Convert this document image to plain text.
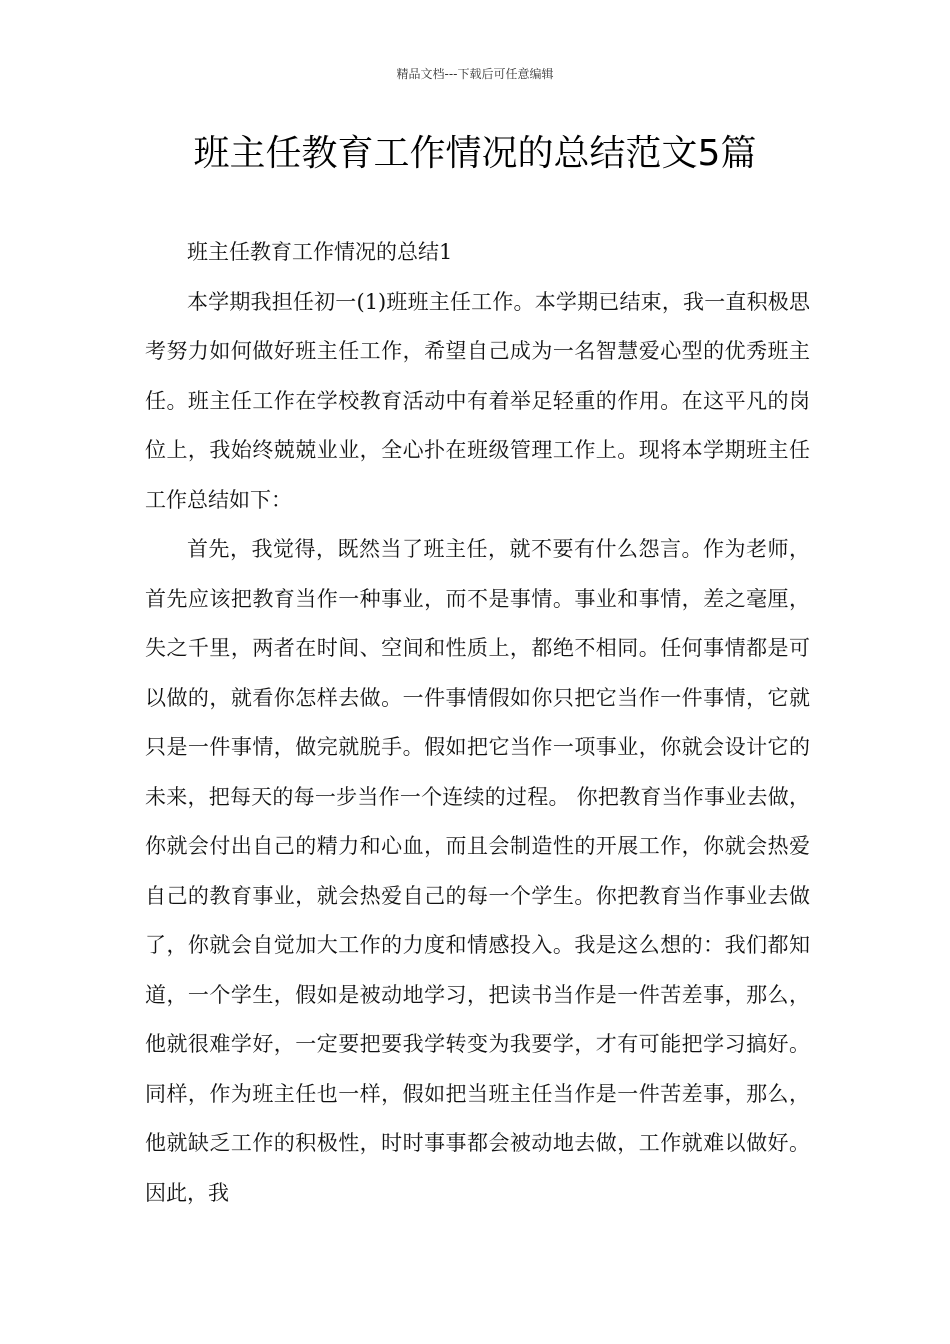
精品文档---下载后可任意编辑
班主任教育工作情况的总结范文5篇

班主任教育工作情况的总结1

本学期我担任初一(1)班班主任工作。本学期已结束，我一直积极思考努力如何做好班主任工作，希望自己成为一名智慧爱心型的优秀班主任。班主任工作在学校教育活动中有着举足轻重的作用。在这平凡的岗位上，我始终兢兢业业，全心扑在班级管理工作上。现将本学期班主任工作总结如下：

首先，我觉得，既然当了班主任，就不要有什么怨言。作为老师，首先应该把教育当作一种事业，而不是事情。事业和事情，差之毫厘，失之千里，两者在时间、空间和性质上，都绝不相同。任何事情都是可以做的，就看你怎样去做。一件事情假如你只把它当作一件事情，它就只是一件事情，做完就脱手。假如把它当作一项事业，你就会设计它的未来，把每天的每一步当作一个连续的过程。 你把教育当作事业去做，你就会付出自己的精力和心血，而且会制造性的开展工作，你就会热爱自己的教育事业，就会热爱自己的每一个学生。你把教育当作事业去做了，你就会自觉加大工作的力度和情感投入。我是这么想的：我们都知道，一个学生，假如是被动地学习，把读书当作是一件苦差事，那么，他就很难学好，一定要把要我学转变为我要学，才有可能把学习搞好。同样，作为班主任也一样，假如把当班主任当作是一件苦差事，那么，他就缺乏工作的积极性，时时事事都会被动地去做，工作就难以做好。因此，我
